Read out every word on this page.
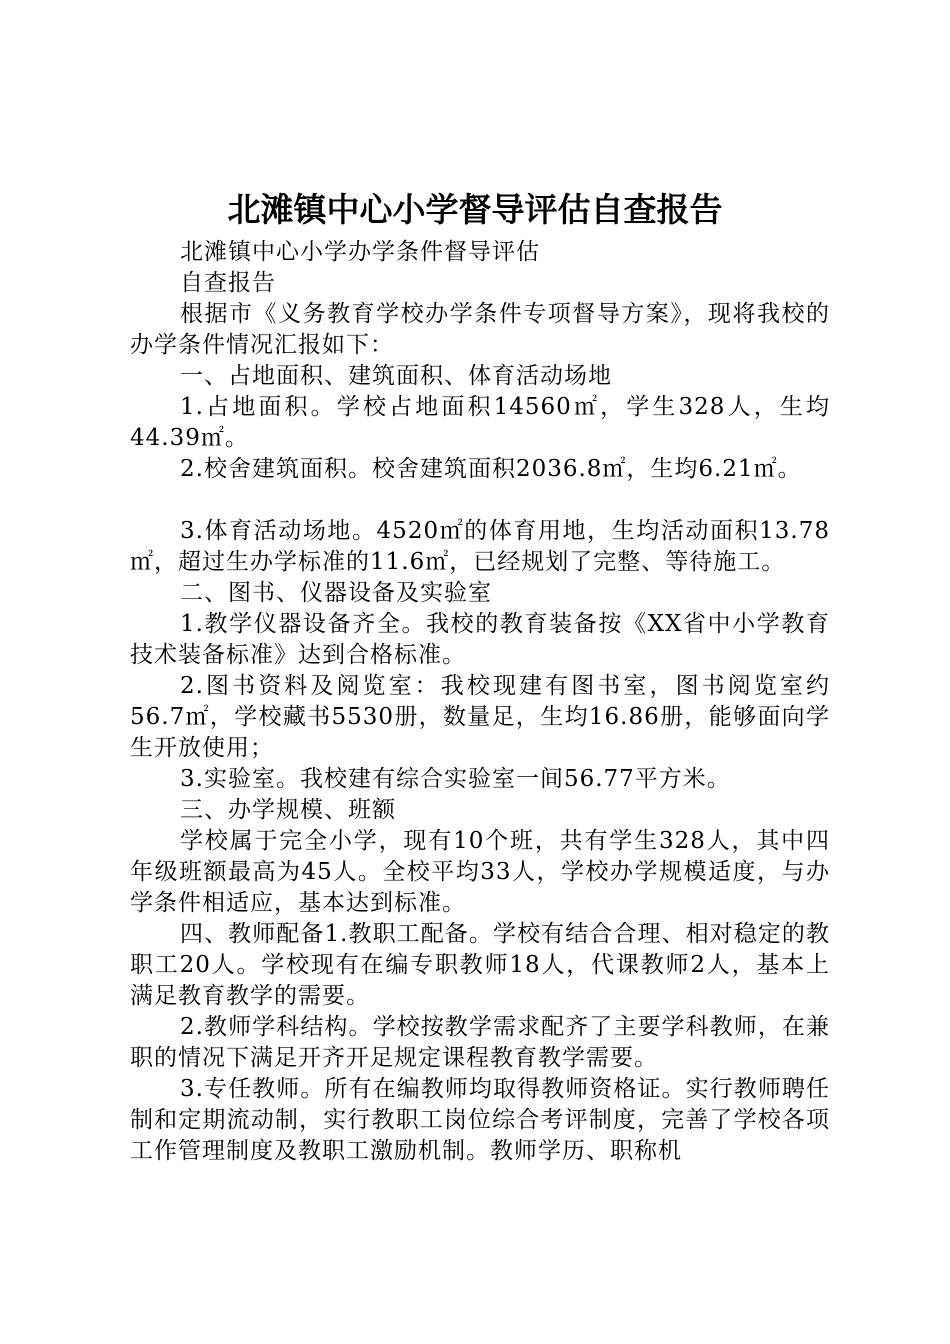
北滩镇中心小学督导评估自查报告

北滩镇中心小学办学条件督导评估

自查报告

根据市《义务教育学校办学条件专项督导方案》，现将我校的办学条件情况汇报如下：

一、占地面积、建筑面积、体育活动场地

1.占地面积。学校占地面积14560㎡，学生328人，生均44.39㎡。

2.校舍建筑面积。校舍建筑面积2036.8㎡，生均6.21㎡。

3.体育活动场地。4520㎡的体育用地，生均活动面积13.78㎡，超过生办学标准的11.6㎡，已经规划了完整、等待施工。

二、图书、仪器设备及实验室

1.教学仪器设备齐全。我校的教育装备按《XX省中小学教育技术装备标准》达到合格标准。

2.图书资料及阅览室：我校现建有图书室，图书阅览室约56.7㎡，学校藏书5530册，数量足，生均16.86册，能够面向学生开放使用；

3.实验室。我校建有综合实验室一间56.77平方米。

三、办学规模、班额

学校属于完全小学，现有10个班，共有学生328人，其中四年级班额最高为45人。全校平均33人，学校办学规模适度，与办学条件相适应，基本达到标准。

四、教师配备1.教职工配备。学校有结合合理、相对稳定的教职工20人。学校现有在编专职教师18人，代课教师2人，基本上满足教育教学的需要。

2.教师学科结构。学校按教学需求配齐了主要学科教师，在兼职的情况下满足开齐开足规定课程教育教学需要。

3.专任教师。所有在编教师均取得教师资格证。实行教师聘任制和定期流动制，实行教职工岗位综合考评制度，完善了学校各项工作管理制度及教职工激励机制。教师学历、职称机
